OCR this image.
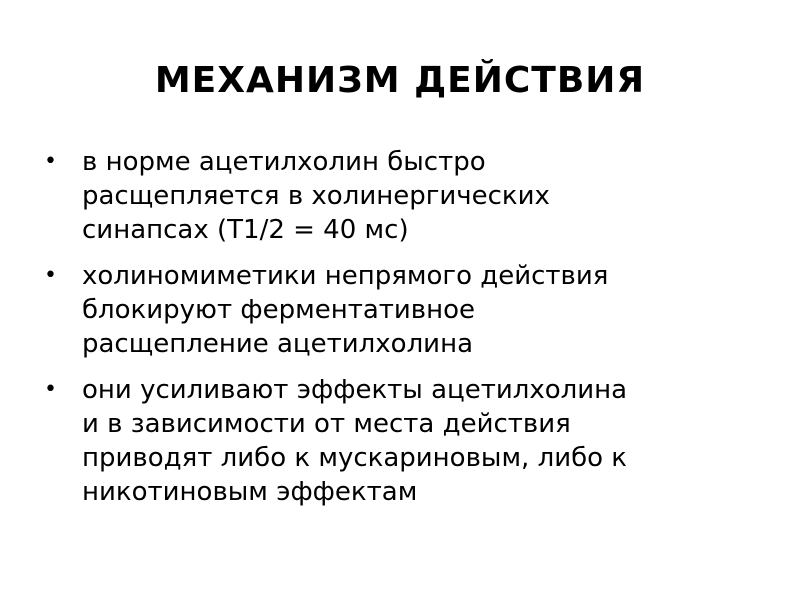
МЕХАНИЗМ ДЕЙСТВИЯ
• в норме ацетилхолин быстро
расщепляется в холинергических
синапсах (Т1/2 = 40 мс)
• холиномиметики непрямого действия
блокируют ферментативное
расщепление ацетилхолина
• они усиливают эффекты ацетилхолина
и в зависимости от места действия
приводят либо к мускариновым, либо к
никотиновым эффектам
